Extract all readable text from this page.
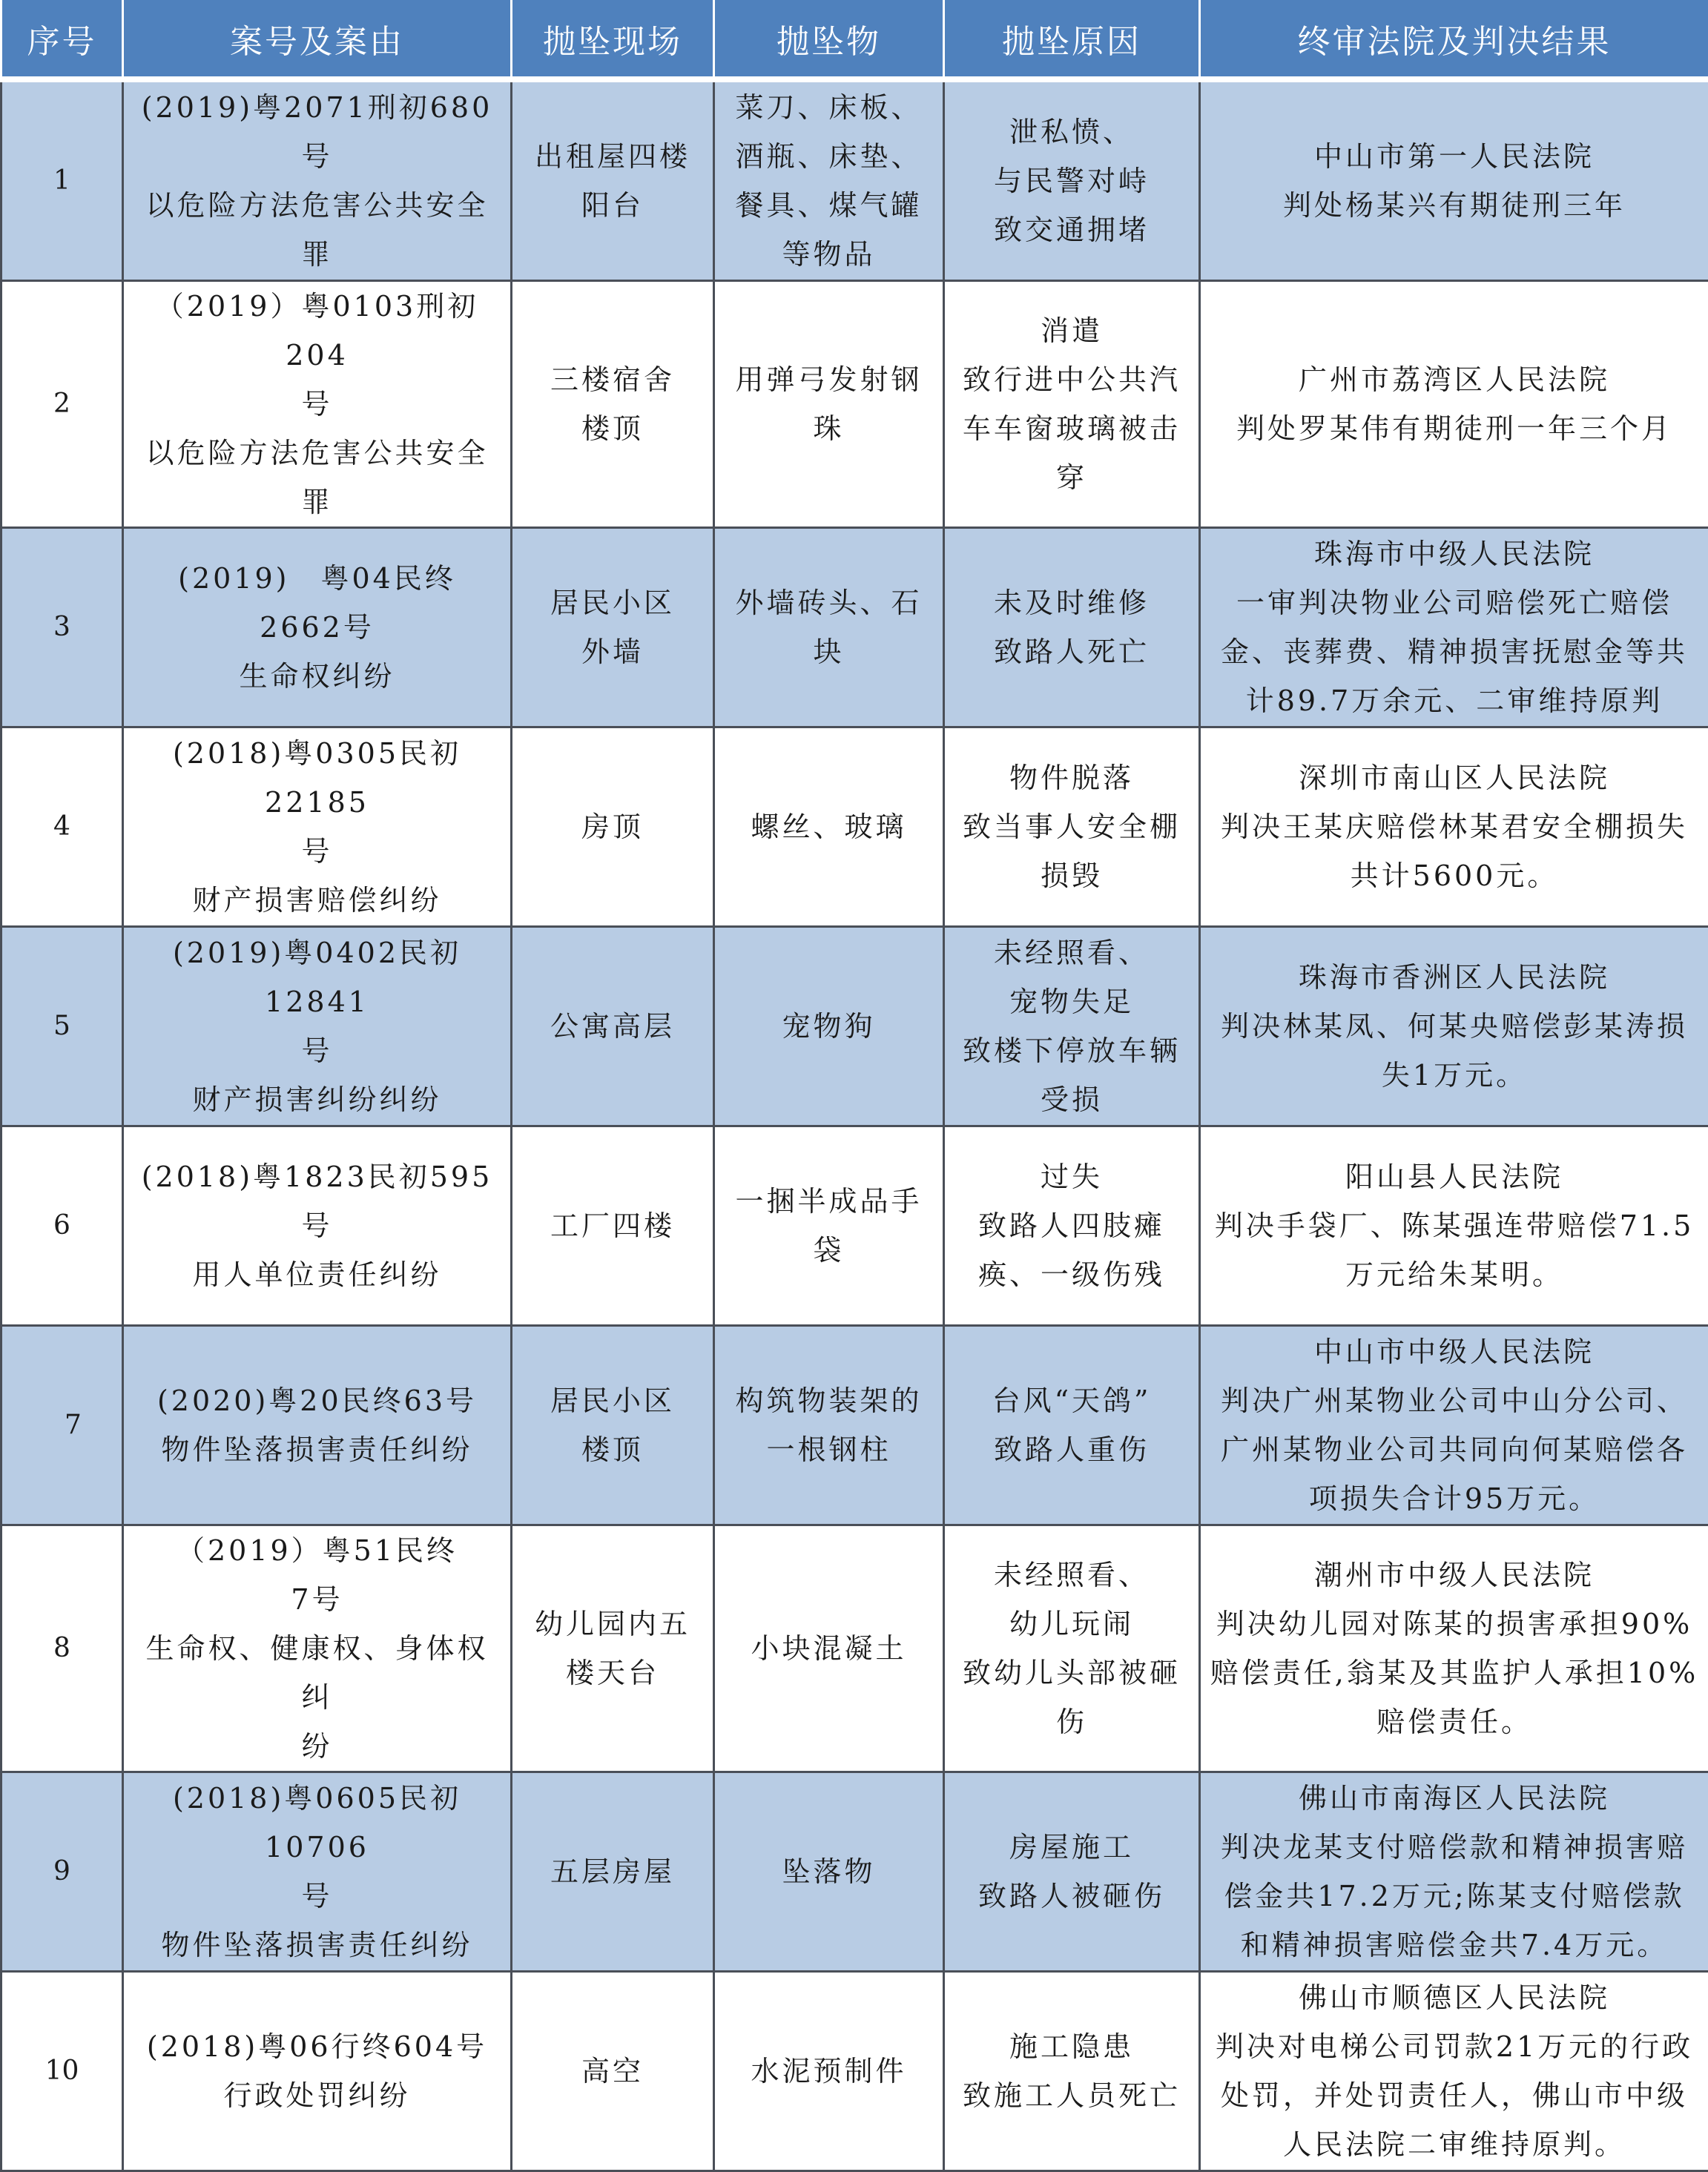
序号	案号及案由	抛坠现场	抛坠物	抛坠原因	终审法院及判决结果
1	(2019)粤2071刑初680号
以危险方法危害公共安全
罪	出租屋四楼
阳台	菜刀、床板、
酒瓶、床垫、
餐具、煤气罐
等物品	泄私愤、
与民警对峙
致交通拥堵	中山市第一人民法院
判处杨某兴有期徒刑三年

2	（2019）粤0103刑初204
号
以危险方法危害公共安全
罪	三楼宿舍
楼顶	用弹弓发射钢
珠	消遣
致行进中公共汽
车车窗玻璃被击
穿	广州市荔湾区人民法院
判处罗某伟有期徒刑一年三个月

3	(2019)　粤04民终
2662号
生命权纠纷	居民小区
外墙	外墙砖头、石
块	未及时维修
致路人死亡	珠海市中级人民法院
一审判决物业公司赔偿死亡赔偿
金、丧葬费、精神损害抚慰金等共
计89.7万余元、二审维持原判

4	(2018)粤0305民初22185
号
财产损害赔偿纠纷	房顶	螺丝、玻璃	物件脱落
致当事人安全棚
损毁	深圳市南山区人民法院
判决王某庆赔偿林某君安全棚损失
共计5600元。

5	(2019)粤0402民初12841
号
财产损害纠纷纠纷	公寓高层	宠物狗	未经照看、
宠物失足
致楼下停放车辆
受损	珠海市香洲区人民法院
判决林某凤、何某央赔偿彭某涛损
失1万元。

6	(2018)粤1823民初595号
用人单位责任纠纷	工厂四楼	一捆半成品手
袋	过失
致路人四肢瘫
痪、一级伤残	阳山县人民法院
判决手袋厂、陈某强连带赔偿71.5
万元给朱某明。

7	(2020)粤20民终63号
物件坠落损害责任纠纷	居民小区
楼顶	构筑物装架的
一根钢柱	台风“天鸽”
致路人重伤	中山市中级人民法院
判决广州某物业公司中山分公司、
广州某物业公司共同向何某赔偿各
项损失合计95万元。

8	（2019）粤51民终
7号
生命权、健康权、身体权纠
纷	幼儿园内五
楼天台	小块混凝土	未经照看、
幼儿玩闹
致幼儿头部被砸
伤	潮州市中级人民法院
判决幼儿园对陈某的损害承担90%
赔偿责任,翁某及其监护人承担10%
赔偿责任。

9	(2018)粤0605民初10706
号
物件坠落损害责任纠纷	五层房屋	坠落物	房屋施工
致路人被砸伤	佛山市南海区人民法院
判决龙某支付赔偿款和精神损害赔
偿金共17.2万元;陈某支付赔偿款
和精神损害赔偿金共7.4万元。

10	(2018)粤06行终604号
行政处罚纠纷	高空	水泥预制件	施工隐患
致施工人员死亡	佛山市顺德区人民法院
判决对电梯公司罚款21万元的行政
处罚，并处罚责任人，佛山市中级
人民法院二审维持原判。
